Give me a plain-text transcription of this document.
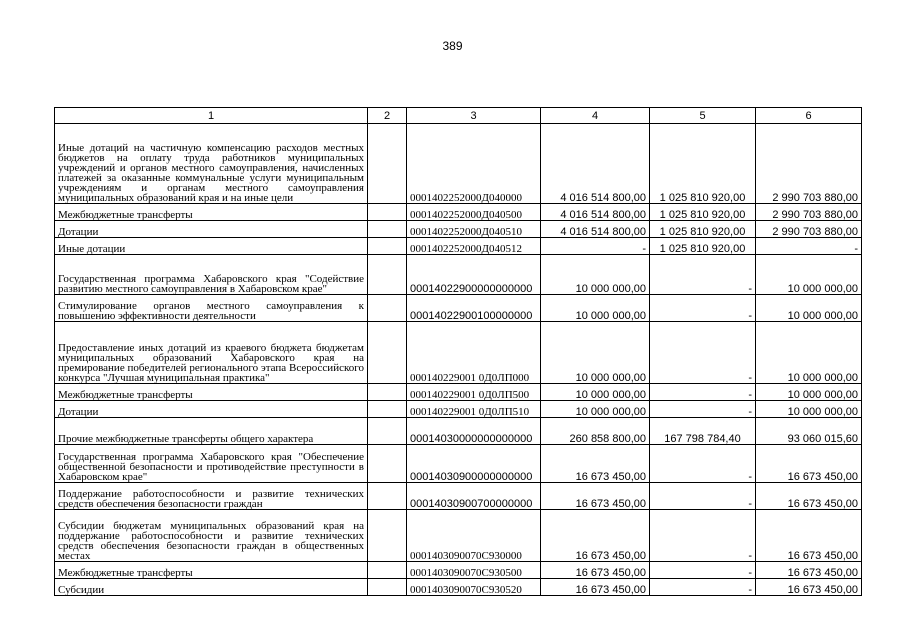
389
1	2	3	4	5	6
Иные дотаций на частичную компенсацию расходов местных бюджетов на оплату труда работников муниципальных учреждений и органов местного самоуправления, начисленных платежей за оказанные коммунальные услуги муниципальным учреждениям и органам местного самоуправления муниципальных образований края и на иные цели		0001402252000Д040000	4 016 514 800,00	1 025 810 920,00	2 990 703 880,00
Межбюджетные трансферты		0001402252000Д040500	4 016 514 800,00	1 025 810 920,00	2 990 703 880,00
Дотации		0001402252000Д040510	4 016 514 800,00	1 025 810 920,00	2 990 703 880,00
Иные дотации		0001402252000Д040512	-	1 025 810 920,00	-
Государственная программа Хабаровского края "Содействие развитию местного самоуправления в Хабаровском крае"		00014022900000000000	10 000 000,00	-	10 000 000,00
Стимулирование органов местного самоуправления к повышению эффективности деятельности		00014022900100000000	10 000 000,00	-	10 000 000,00
Предоставление иных дотаций из краевого бюджета бюджетам муниципальных образований Хабаровского края на премирование победителей регионального этапа Всероссийского конкурса "Лучшая муниципальная практика"		000140229001 0Д0ЛП000	10 000 000,00	-	10 000 000,00
Межбюджетные трансферты		000140229001 0Д0ЛП500	10 000 000,00	-	10 000 000,00
Дотации		000140229001 0Д0ЛП510	10 000 000,00	-	10 000 000,00
Прочие межбюджетные трансферты общего характера		00014030000000000000	260 858 800,00	167 798 784,40	93 060 015,60
Государственная программа Хабаровского края "Обеспечение общественной безопасности и противодействие преступности в Хабаровском крае"		00014030900000000000	16 673 450,00	-	16 673 450,00
Поддержание работоспособности и развитие технических средств обеспечения безопасности граждан		00014030900700000000	16 673 450,00	-	16 673 450,00
Субсидии бюджетам муниципальных образований края на поддержание работоспособности и развитие технических средств обеспечения безопасности граждан в общественных местах		0001403090070С930000	16 673 450,00	-	16 673 450,00
Межбюджетные трансферты		0001403090070С930500	16 673 450,00	-	16 673 450,00
Субсидии		0001403090070С930520	16 673 450,00	-	16 673 450,00
